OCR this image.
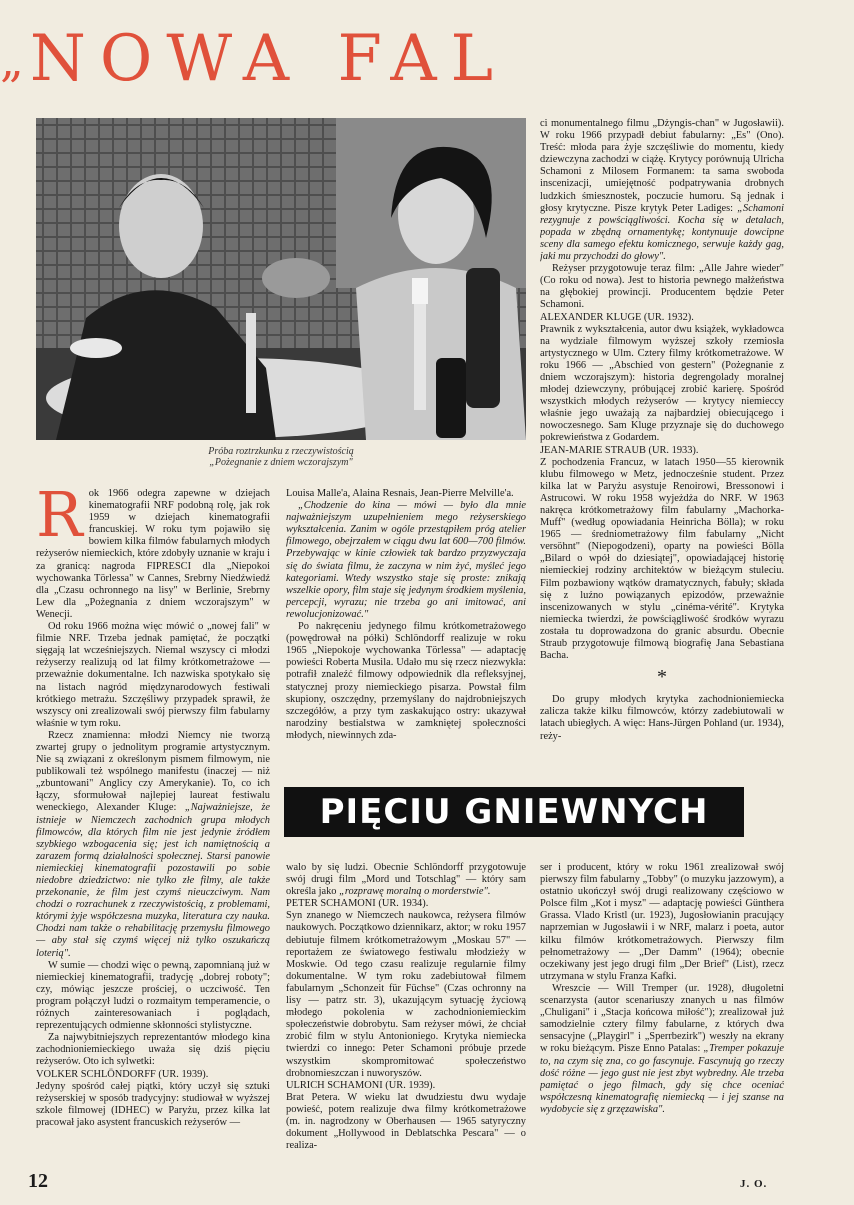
„NOWA FAL
Próba roztrzkunku z rzeczywistością
„Pożegnanie z dniem wczorajszym"
R ok 1966 odegra zapewne w dziejach kinematografii NRF podobną rolę, jak rok 1959 w dziejach kinematografii francuskiej. W roku tym pojawiło się bowiem kilka filmów fabularnych młodych reżyserów niemieckich, które zdobyły uznanie w kraju i za granicą: nagroda FIPRESCI dla „Niepokoi wychowanka Törlessa" w Cannes, Srebrny Niedźwiedź dla „Czasu ochronnego na lisy" w Berlinie, Srebrny Lew dla „Pożegnania z dniem wczorajszym" w Wenecji.

Od roku 1966 można więc mówić o „nowej fali" w filmie NRF. Trzeba jednak pamiętać, że początki sięgają lat wcześniejszych. Niemal wszyscy ci młodzi reżyserzy realizują od lat filmy krótkometrażowe — przeważnie dokumentalne. Ich nazwiska spotykało się na listach nagród międzynarodowych festiwali krótkiego metrażu. Szczęśliwy przypadek sprawił, że wszyscy oni zrealizowali swój pierwszy film fabularny właśnie w tym roku.

Rzecz znamienna: młodzi Niemcy nie tworzą zwartej grupy o jednolitym programie artystycznym. Nie są związani z określonym pismem filmowym, nie publikowali też wspólnego manifestu (inaczej — niż „zbuntowani" Anglicy czy Amerykanie). To, co ich łączy, sformułował najlepiej laureat festiwalu weneckiego, Alexander Kluge: „Najważniejsze, że istnieje w Niemczech zachodnich grupa młodych filmowców, dla których film nie jest jedynie źródłem szybkiego wzbogacenia się; jest ich namiętnością a zarazem formą działalności społecznej. Starsi panowie niemieckiej kinematografii pozostawili po sobie niedobre dziedzictwo: nie tylko złe filmy, ale także przekonanie, że film jest czymś nieuczciwym. Nam chodzi o rozrachunek z rzeczywistością, z problemami, którymi żyje współczesna muzyka, literatura czy nauka. Chodzi nam także o rehabilitację przemysłu filmowego — aby stał się czymś więcej niż tylko oszukańczą loterią".

W sumie — chodzi więc o pewną, zapomnianą już w niemieckiej kinematografii, tradycję „dobrej roboty"; czy, mówiąc jeszcze prościej, o uczciwość. Ten program połączył ludzi o rozmaitym temperamencie, o różnych zainteresowaniach i poglądach, reprezentujących odmienne skłonności stylistyczne.

Za najwybitniejszych reprezentantów młodego kina zachodnioniemieckiego uważa się dziś pięciu reżyserów. Oto ich sylwetki:

VOLKER SCHLÖNDORFF (UR. 1939).

Jedyny spośród całej piątki, który uczył się sztuki reżyserskiej w sposób tradycyjny: studiował w wyższej szkole filmowej (IDHEC) w Paryżu, przez kilka lat pracował jako asystent francuskich reżyserów —

Louisa Malle'a, Alaina Resnais, Jean-Pierre Melville'a.

„Chodzenie do kina — mówi — było dla mnie najważniejszym uzupełnieniem mego reżyserskiego wykształcenia. Zanim w ogóle przestąpiłem próg atelier filmowego, obejrzałem w ciągu dwu lat 600—700 filmów. Przebywając w kinie człowiek tak bardzo przyzwyczaja się do świata filmu, że zaczyna w nim żyć, myśleć jego kategoriami. Wtedy wszystko staje się proste: znikają wszelkie opory, film staje się jedynym środkiem myślenia, percepcji, wyrazu; nie trzeba go ani imitować, ani rewolucjonizować."

Po nakręceniu jedynego filmu krótkometrażowego (powędrował na półki) Schlöndorff realizuje w roku 1965 „Niepokoje wychowanka Törlessa" — adaptację powieści Roberta Musila. Udało mu się rzecz niezwykła: potrafił znaleźć filmowy odpowiednik dla refleksyjnej, statycznej prozy niemieckiego pisarza. Powstał film skupiony, oszczędny, przemyślany do najdrobniejszych szczegółów, a przy tym zaskakująco ostry: ukazywał narodziny bestialstwa w zamkniętej społeczności młodych, niewinnych zda-

ci monumentalnego filmu „Dżyngis-chan" w Jugosławii). W roku 1966 przypadł debiut fabularny: „Es" (Ono). Treść: młoda para żyje szczęśliwie do momentu, kiedy dziewczyna zachodzi w ciążę. Krytycy porównują Ulricha Schamoni z Milosem Formanem: ta sama swoboda inscenizacji, umiejętność podpatrywania drobnych ludzkich śmiesznostek, poczucie humoru. Są jednak i głosy krytyczne. Pisze krytyk Peter Ladiges: „Schamoni rezygnuje z powściągliwości. Kocha się w detalach, popada w zbędną ornamentykę; kontynuuje dowcipne sceny dla samego efektu komicznego, serwuje każdy gag, jaki mu przychodzi do głowy".

Reżyser przygotowuje teraz film: „Alle Jahre wieder" (Co roku od nowa). Jest to historia pewnego małżeństwa na głębokiej prowincji. Producentem będzie Peter Schamoni.

ALEXANDER KLUGE (UR. 1932).

Prawnik z wykształcenia, autor dwu książek, wykładowca na wydziale filmowym wyższej szkoły rzemiosła artystycznego w Ulm. Cztery filmy krótkometrażowe. W roku 1966 — „Abschied von gestern" (Pożegnanie z dniem wczorajszym): historia degrengolady moralnej młodej dziewczyny, próbującej zrobić karierę. Spośród wszystkich młodych reżyserów — krytycy niemieccy właśnie jego uważają za najbardziej obiecującego i nowoczesnego. Sam Kluge przyznaje się do duchowego pokrewieństwa z Godardem.

JEAN-MARIE STRAUB (UR. 1933).

Z pochodzenia Francuz, w latach 1950—55 kierownik klubu filmowego w Metz, jednocześnie student. Przez kilka lat w Paryżu asystuje Renoirowi, Bressonowi i Astrucowi. W roku 1958 wyjeżdża do NRF. W 1963 nakręca krótkometrażowy film fabularny „Machorka-Muff" (według opowiadania Heinricha Bölla); w roku 1965 — średniometrażowy film fabularny „Nicht versöhnt" (Niepogodzeni), oparty na powieści Bölla „Bilard o wpół do dziesiątej", opowiadającej historię niemieckiej rodziny architektów w bieżącym stuleciu. Film pozbawiony wątków dramatycznych, fabuły; składa się z luźno powiązanych epizodów, przeważnie inscenizowanych w stylu „cinéma-vérité". Krytyka niemiecka twierdzi, że powściągliwość środków wyrazu została tu doprowadzona do granic absurdu. Obecnie Straub przygotowuje filmową biografię Jana Sebastiana Bacha.

*

Do grupy młodych krytyka zachodnioniemiecka zalicza także kilku filmowców, którzy zadebiutowali w latach ubiegłych. A więc: Hans-Jürgen Pohland (ur. 1934), reży-

PIĘCIU GNIEWNYCH

walo by się ludzi. Obecnie Schlöndorff przygotowuje swój drugi film „Mord und Totschlag" — który sam określa jako „rozprawę moralną o morderstwie".

PETER SCHAMONI (UR. 1934).

Syn znanego w Niemczech naukowca, reżysera filmów naukowych. Początkowo dziennikarz, aktor; w roku 1957 debiutuje filmem krótkometrażowym „Moskau 57" — reportażem ze światowego festiwalu młodzieży w Moskwie. Od tego czasu realizuje regularnie filmy dokumentalne. W tym roku zadebiutował filmem fabularnym „Schonzeit für Füchse" (Czas ochronny na lisy — patrz str. 3), ukazującym sytuację życiową młodego pokolenia w zachodnioniemieckim społeczeństwie dobrobytu. Sam reżyser mówi, że chciał zrobić film w stylu Antonioniego. Krytyka niemiecka twierdzi co innego: Peter Schamoni próbuje przede wszystkim skompromitować społeczeństwo drobnomieszczan i nuworyszów.

ULRICH SCHAMONI (UR. 1939).

Brat Petera. W wieku lat dwudziestu dwu wydaje powieść, potem realizuje dwa filmy krótkometrażowe (m. in. nagrodzony w Oberhausen — 1965 satyryczny dokument „Hollywood in Deblatschka Pescara" — o realiza-

ser i producent, który w roku 1961 zrealizował swój pierwszy film fabularny „Tobby" (o muzyku jazzowym), a ostatnio ukończył swój drugi realizowany częściowo w Polsce film „Kot i mysz" — adaptację powieści Günthera Grassa. Vlado Kristl (ur. 1923), Jugosłowianin pracujący naprzemian w Jugosławii i w NRF, malarz i poeta, autor kilku filmów krótkometrażowych. Pierwszy film pełnometrażowy — „Der Damm" (1964); obecnie oczekiwany jest jego drugi film „Der Brief" (List), rzecz utrzymana w stylu Franza Kafki.

Wreszcie — Will Tremper (ur. 1928), długoletni scenarzysta (autor scenariuszy znanych u nas filmów „Chuligani" i „Stacja końcowa miłość"); zrealizował już samodzielnie cztery filmy fabularne, z których dwa sensacyjne („Playgirl" i „Sperrbezirk") weszły na ekrany w roku bieżącym. Pisze Enno Patalas: „Tremper pokazuje to, na czym się zna, co go fascynuje. Fascynują go rzeczy dość różne — jego gust nie jest zbyt wybredny. Ale trzeba pamiętać o jego filmach, gdy się chce oceniać współczesną kinematografię niemiecką — i jej szanse na wydobycie się z grzęzawiska".

12	J. O.
